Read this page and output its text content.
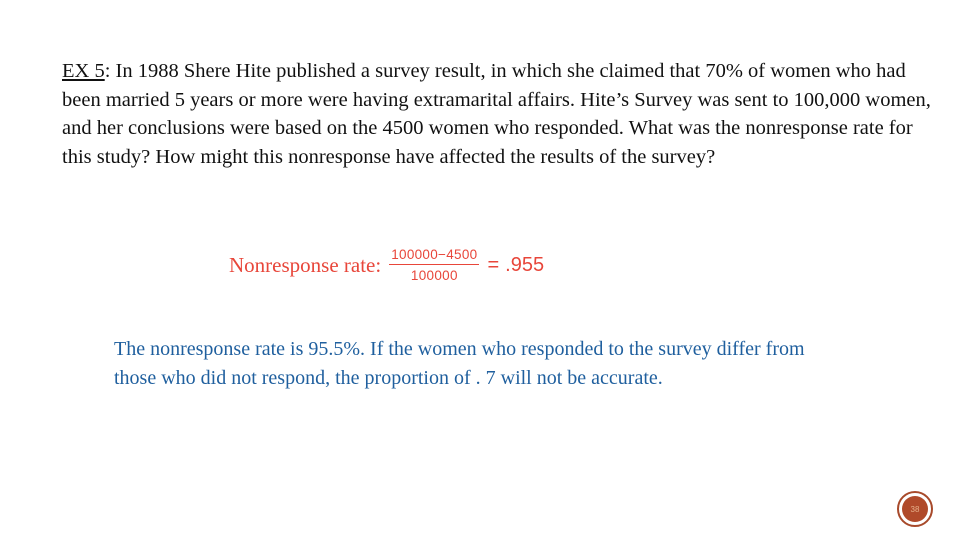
EX 5: In 1988 Shere Hite published a survey result, in which she claimed that 70% of women who had been married 5 years or more were having extramarital affairs. Hite’s Survey was sent to 100,000 women, and her conclusions were based on the 4500 women who responded. What was the nonresponse rate for this study? How might this nonresponse have affected the results of the survey?
Nonresponse rate: $\frac{100000-4500}{100000} = .955$
The nonresponse rate is 95.5%. If the women who responded to the survey differ from those who did not respond, the proportion of . 7 will not be accurate.
38
